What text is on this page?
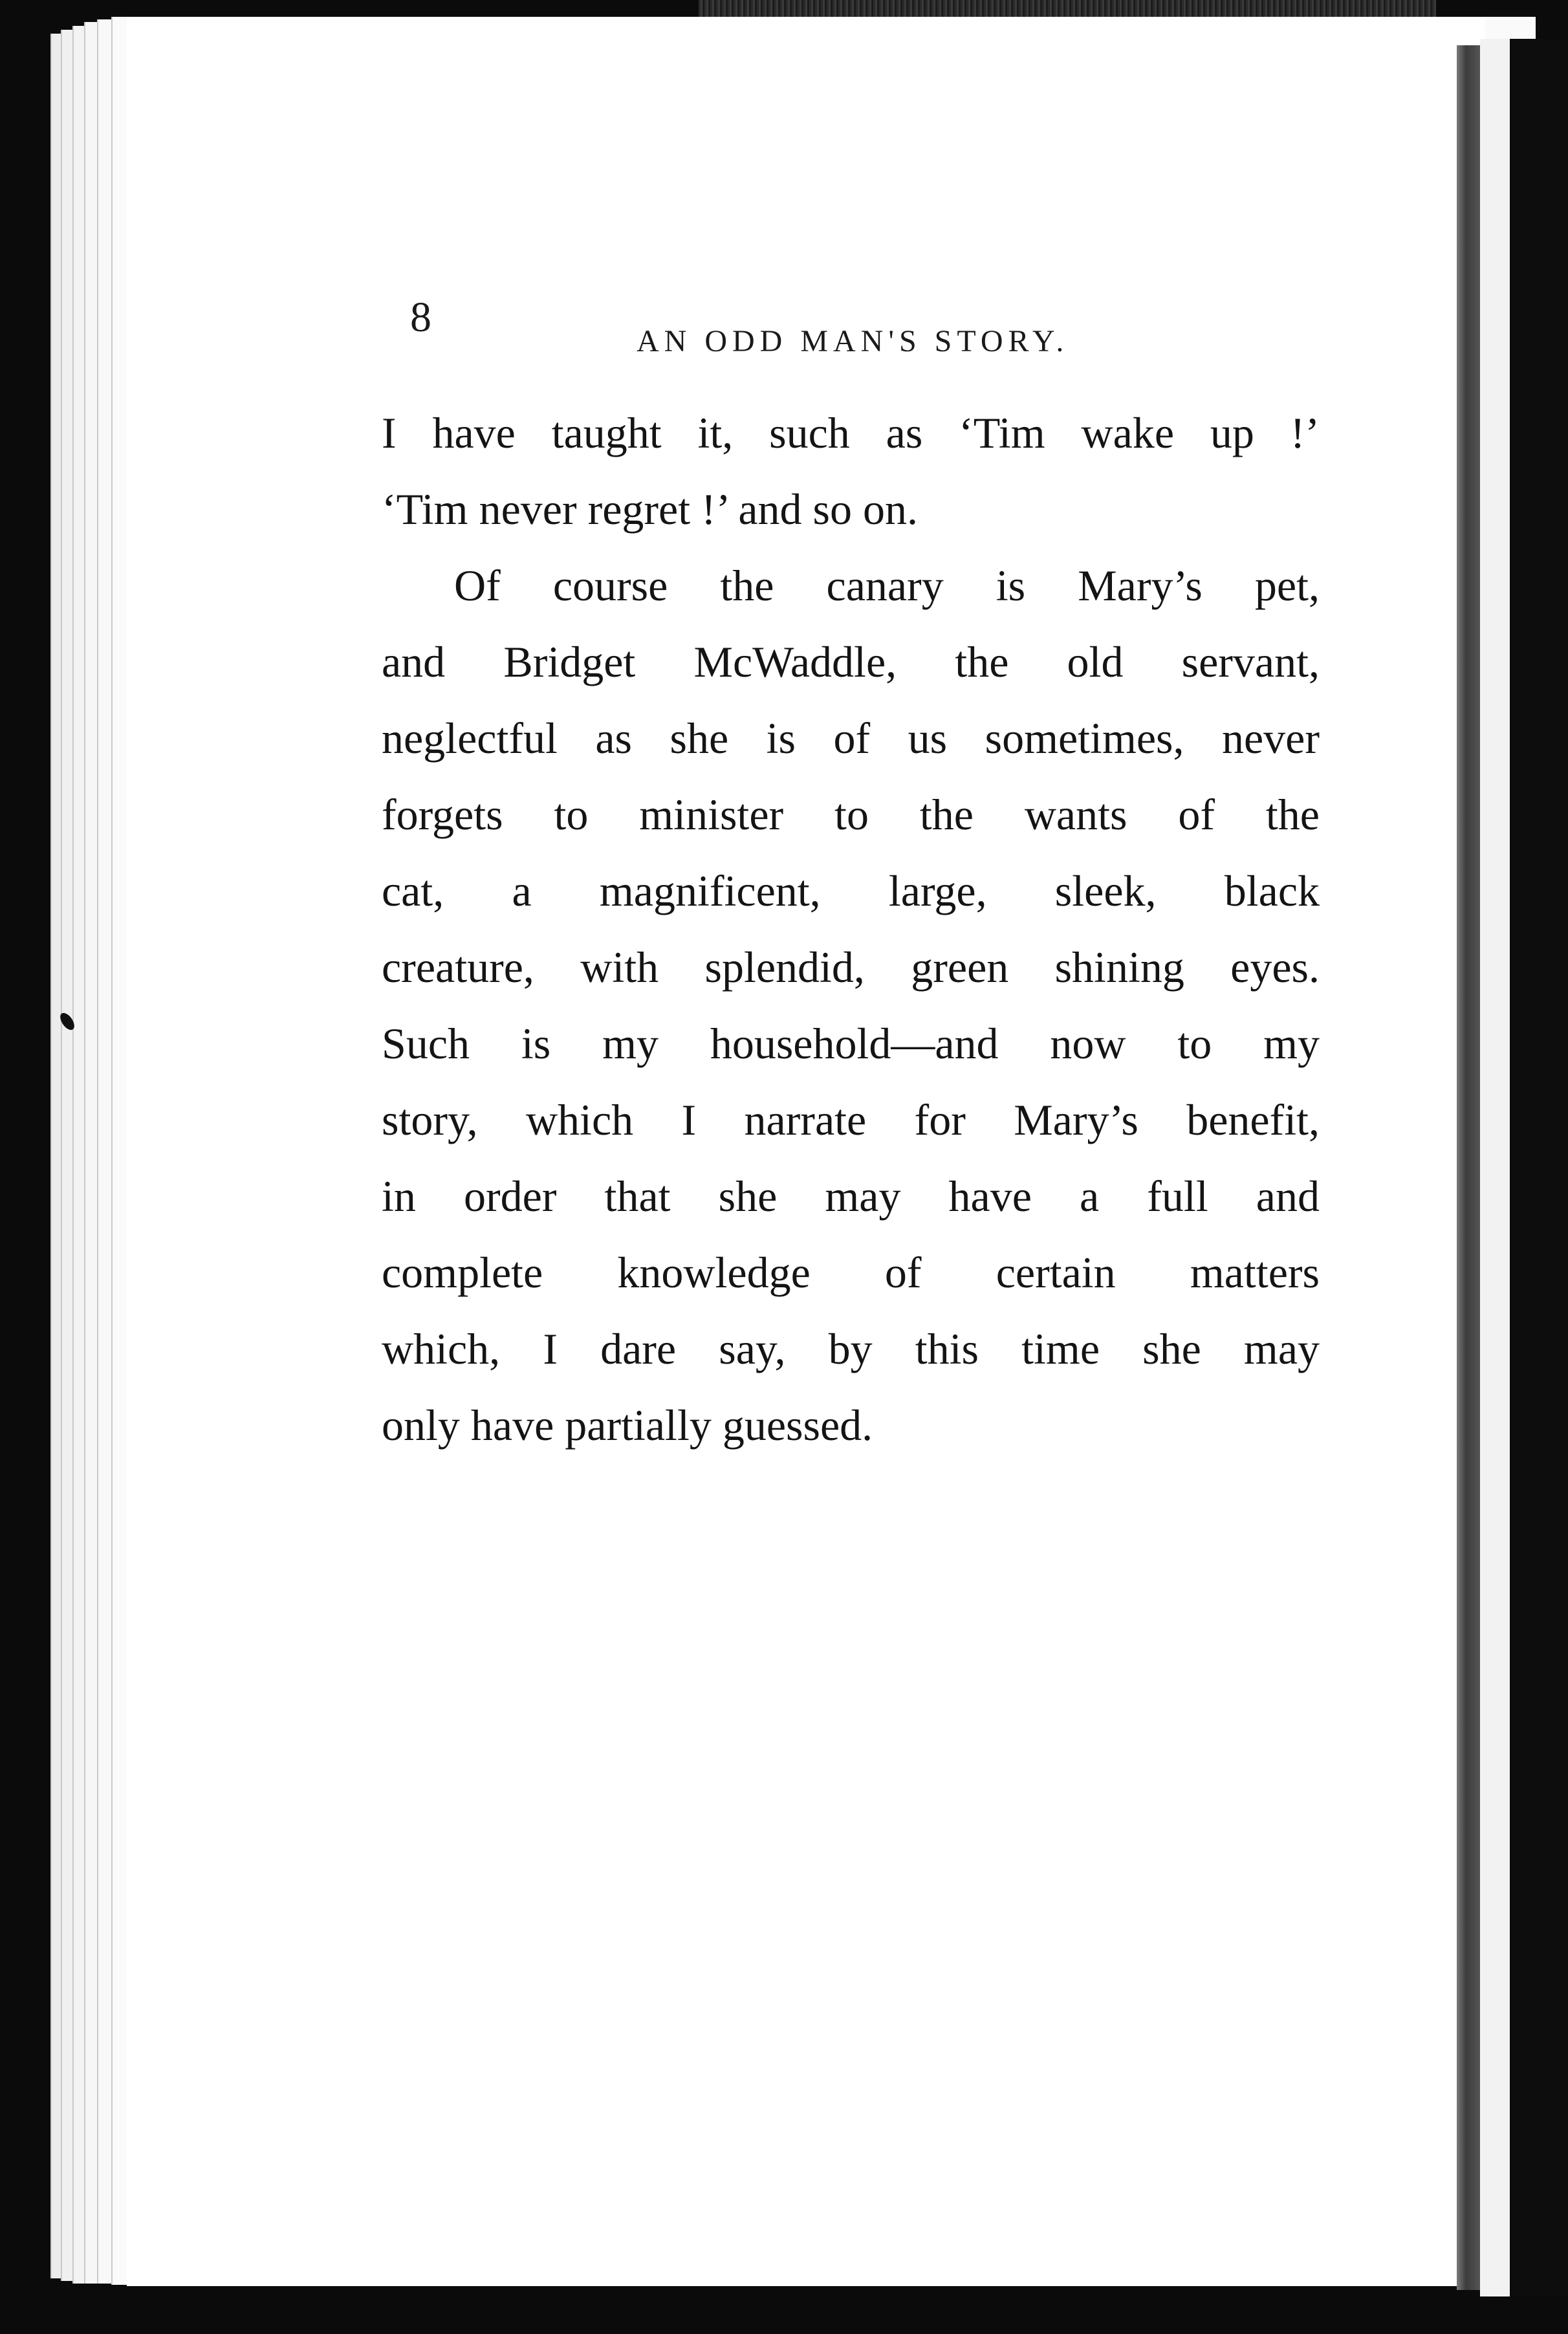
8
AN ODD MAN'S STORY.
I have taught it, such as ‘Tim wake up !’
‘Tim never regret !’ and so on.
Of course the canary is Mary’s pet,
and Bridget McWaddle, the old servant,
neglectful as she is of us sometimes, never
forgets to minister to the wants of the
cat, a magnificent, large, sleek, black
creature, with splendid, green shining eyes.
Such is my household—and now to my
story, which I narrate for Mary’s benefit,
in order that she may have a full and
complete knowledge of certain matters
which, I dare say, by this time she may
only have partially guessed.
